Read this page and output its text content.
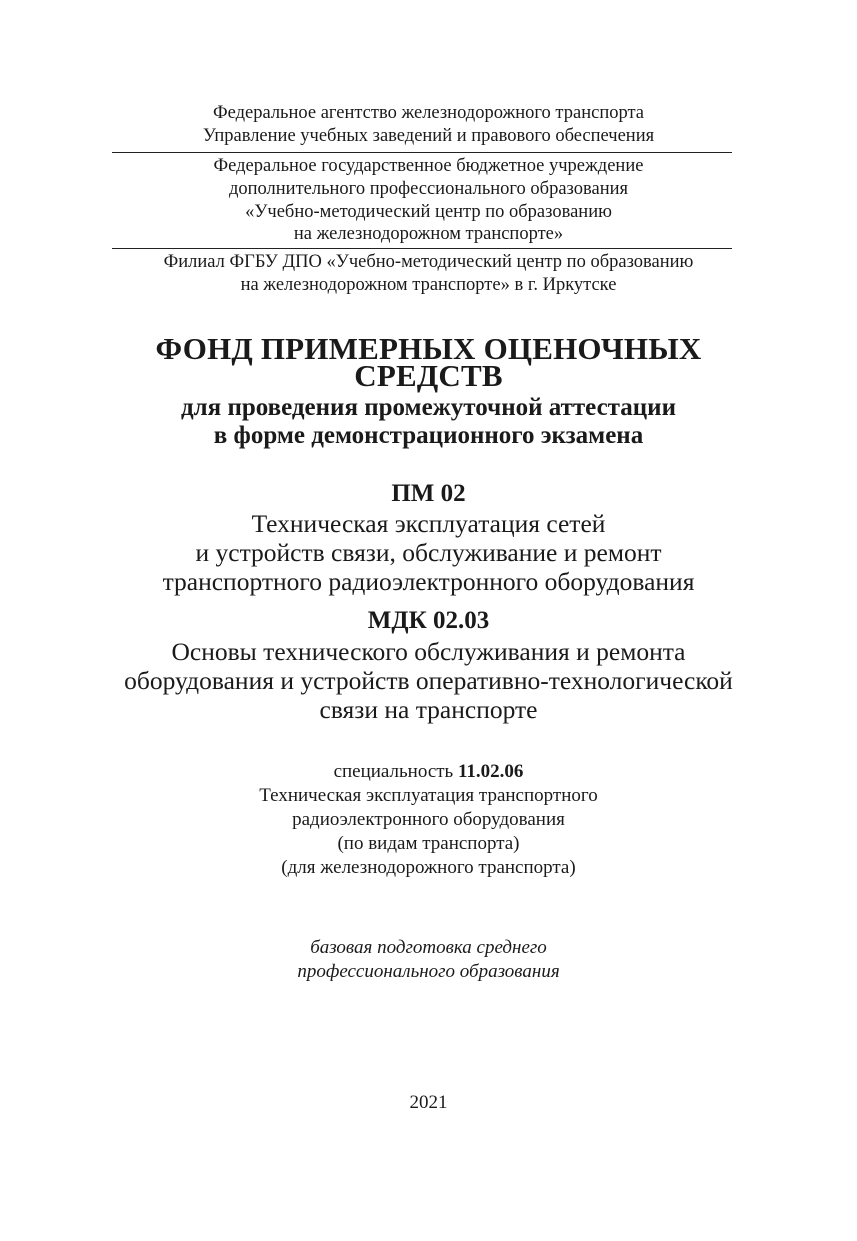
Федеральное агентство железнодорожного транспорта
Управление учебных заведений и правового обеспечения
Федеральное государственное бюджетное учреждение
дополнительного профессионального образования
«Учебно-методический центр по образованию
на железнодорожном транспорте»
Филиал ФГБУ ДПО «Учебно-методический центр по образованию
на железнодорожном транспорте» в г. Иркутске
ФОНД ПРИМЕРНЫХ ОЦЕНОЧНЫХ
СРЕДСТВ
для проведения промежуточной аттестации
в форме демонстрационного экзамена
ПМ 02
Техническая эксплуатация сетей
и устройств связи, обслуживание и ремонт
транспортного радиоэлектронного оборудования
МДК 02.03
Основы технического обслуживания и ремонта
оборудования и устройств оперативно-технологической
связи на транспорте
специальность 11.02.06
Техническая эксплуатация транспортного
радиоэлектронного оборудования
(по видам транспорта)
(для железнодорожного транспорта)
базовая подготовка среднего
профессионального образования
2021
